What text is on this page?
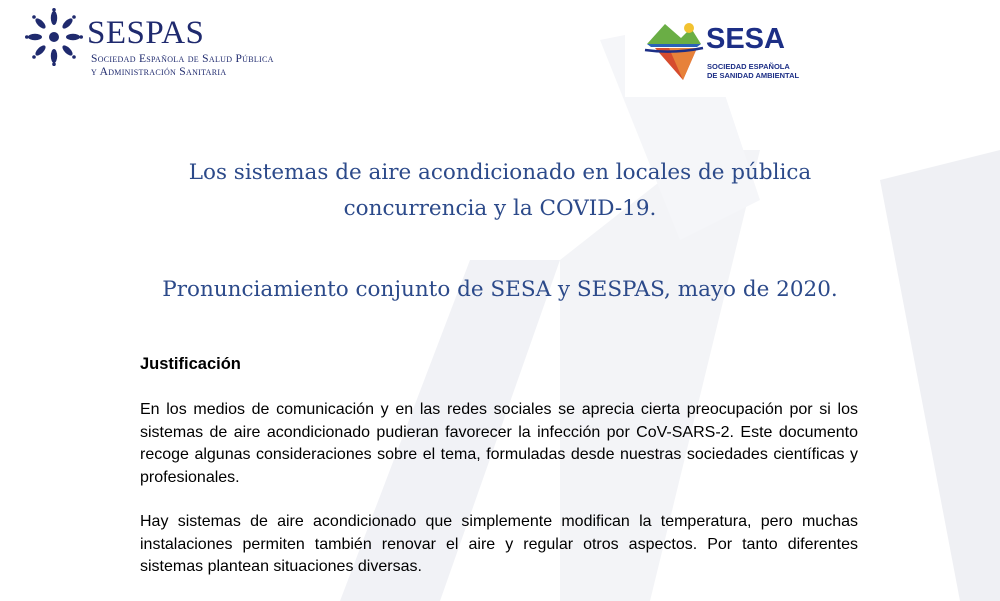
SESPAS
Sociedad Española de Salud Pública
y Administración Sanitaria
SESA
SOCIEDAD ESPAÑOLA
DE SANIDAD AMBIENTAL
Los sistemas de aire acondicionado en locales de pública
concurrencia y la COVID-19.
Pronunciamiento conjunto de SESA y SESPAS, mayo de 2020.
Justificación
En los medios de comunicación y en las redes sociales se aprecia cierta preocupación por si los sistemas de aire acondicionado pudieran favorecer la infección por CoV-SARS-2. Este documento recoge algunas consideraciones sobre el tema, formuladas desde nuestras sociedades científicas y profesionales.
Hay sistemas de aire acondicionado que simplemente modifican la temperatura, pero muchas instalaciones permiten también renovar el aire y regular otros aspectos. Por tanto diferentes sistemas plantean situaciones diversas.
